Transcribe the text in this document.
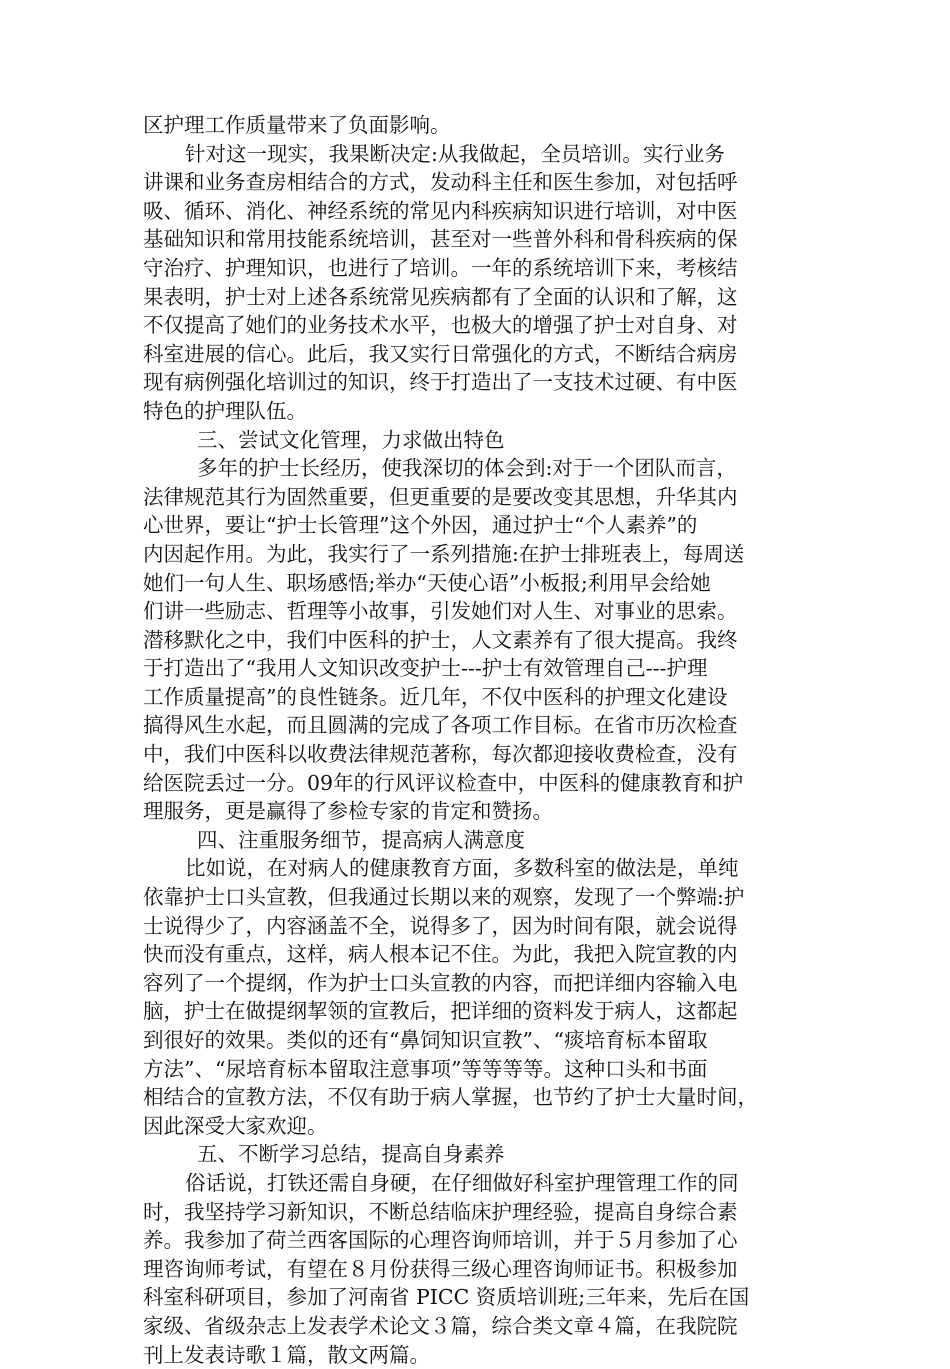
区护理工作质量带来了负面影响。
针对这一现实，我果断决定:从我做起，全员培训。实行业务
讲课和业务查房相结合的方式，发动科主任和医生参加，对包括呼
吸、循环、消化、神经系统的常见内科疾病知识进行培训，对中医
基础知识和常用技能系统培训，甚至对一些普外科和骨科疾病的保
守治疗、护理知识，也进行了培训。一年的系统培训下来，考核结
果表明，护士对上述各系统常见疾病都有了全面的认识和了解，这
不仅提高了她们的业务技术水平，也极大的增强了护士对自身、对
科室进展的信心。此后，我又实行日常强化的方式，不断结合病房
现有病例强化培训过的知识，终于打造出了一支技术过硬、有中医
特色的护理队伍。
三、尝试文化管理，力求做出特色
多年的护士长经历，使我深切的体会到:对于一个团队而言，
法律规范其行为固然重要，但更重要的是要改变其思想，升华其内
心世界，要让“护士长管理”这个外因，通过护士“个人素养”的
内因起作用。为此，我实行了一系列措施:在护士排班表上，每周送
她们一句人生、职场感悟;举办“天使心语”小板报;利用早会给她
们讲一些励志、哲理等小故事，引发她们对人生、对事业的思索。
潜移默化之中，我们中医科的护士，人文素养有了很大提高。我终
于打造出了“我用人文知识改变护士---护士有效管理自己---护理
工作质量提高”的良性链条。近几年，不仅中医科的护理文化建设
搞得风生水起，而且圆满的完成了各项工作目标。在省市历次检查
中，我们中医科以收费法律规范著称，每次都迎接收费检查，没有
给医院丢过一分。09年的行风评议检查中，中医科的健康教育和护
理服务，更是赢得了参检专家的肯定和赞扬。
四、注重服务细节，提高病人满意度
比如说，在对病人的健康教育方面，多数科室的做法是，单纯
依靠护士口头宣教，但我通过长期以来的观察，发现了一个弊端:护
士说得少了，内容涵盖不全，说得多了，因为时间有限，就会说得
快而没有重点，这样，病人根本记不住。为此，我把入院宣教的内
容列了一个提纲，作为护士口头宣教的内容，而把详细内容输入电
脑，护士在做提纲挈领的宣教后，把详细的资料发于病人，这都起
到很好的效果。类似的还有“鼻饲知识宣教”、“痰培育标本留取
方法”、“尿培育标本留取注意事项”等等等等。这种口头和书面
相结合的宣教方法，不仅有助于病人掌握，也节约了护士大量时间，
因此深受大家欢迎。
五、不断学习总结，提高自身素养
俗话说，打铁还需自身硬，在仔细做好科室护理管理工作的同
时，我坚持学习新知识，不断总结临床护理经验，提高自身综合素
养。我参加了荷兰西客国际的心理咨询师培训，并于５月参加了心
理咨询师考试，有望在８月份获得三级心理咨询师证书。积极参加
科室科研项目，参加了河南省 PICC 资质培训班;三年来，先后在国
家级、省级杂志上发表学术论文３篇，综合类文章４篇，在我院院
刊上发表诗歌１篇，散文两篇。
